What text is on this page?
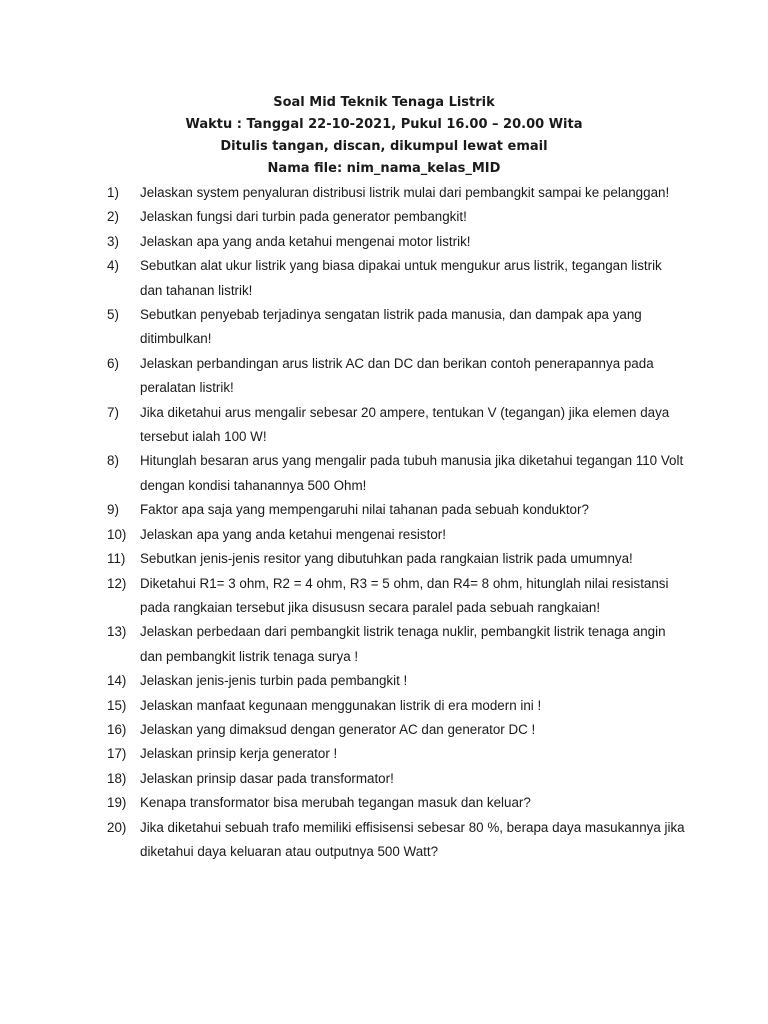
Soal Mid Teknik Tenaga Listrik
Waktu : Tanggal 22-10-2021, Pukul 16.00 – 20.00 Wita
Ditulis tangan, discan, dikumpul lewat email
Nama file: nim_nama_kelas_MID
1)	Jelaskan system penyaluran distribusi listrik mulai dari pembangkit sampai ke pelanggan!
2)	Jelaskan fungsi dari turbin pada generator pembangkit!
3)	Jelaskan apa yang anda ketahui mengenai motor listrik!
4)	Sebutkan alat ukur listrik yang biasa dipakai untuk mengukur arus listrik, tegangan listrik dan tahanan listrik!
5)	Sebutkan penyebab terjadinya sengatan listrik pada manusia, dan dampak apa yang ditimbulkan!
6)	Jelaskan perbandingan arus listrik AC dan DC dan berikan contoh penerapannya pada peralatan listrik!
7)	Jika diketahui arus mengalir sebesar 20 ampere, tentukan V (tegangan) jika elemen daya tersebut ialah 100 W!
8)	Hitunglah besaran arus yang mengalir pada tubuh manusia jika diketahui tegangan 110 Volt dengan kondisi tahanannya 500 Ohm!
9)	Faktor apa saja yang mempengaruhi nilai tahanan pada sebuah konduktor?
10)	Jelaskan apa yang anda ketahui mengenai resistor!
11)	Sebutkan jenis-jenis resitor yang dibutuhkan pada rangkaian listrik pada umumnya!
12)	Diketahui R1= 3 ohm, R2 = 4 ohm, R3 = 5 ohm, dan R4= 8 ohm, hitunglah nilai resistansi pada rangkaian tersebut jika disususn secara paralel pada sebuah rangkaian!
13)	Jelaskan perbedaan dari pembangkit listrik tenaga nuklir, pembangkit listrik tenaga angin dan pembangkit listrik tenaga surya !
14)	Jelaskan jenis-jenis turbin pada pembangkit !
15)	Jelaskan manfaat kegunaan menggunakan listrik di era modern ini !
16)	Jelaskan yang dimaksud dengan generator AC dan generator DC !
17)	Jelaskan prinsip kerja generator !
18)	Jelaskan prinsip dasar pada transformator!
19)	Kenapa transformator bisa merubah tegangan masuk dan keluar?
20)	Jika diketahui sebuah trafo memiliki effisisensi sebesar 80 %, berapa daya masukannya jika diketahui daya keluaran atau outputnya 500 Watt?
